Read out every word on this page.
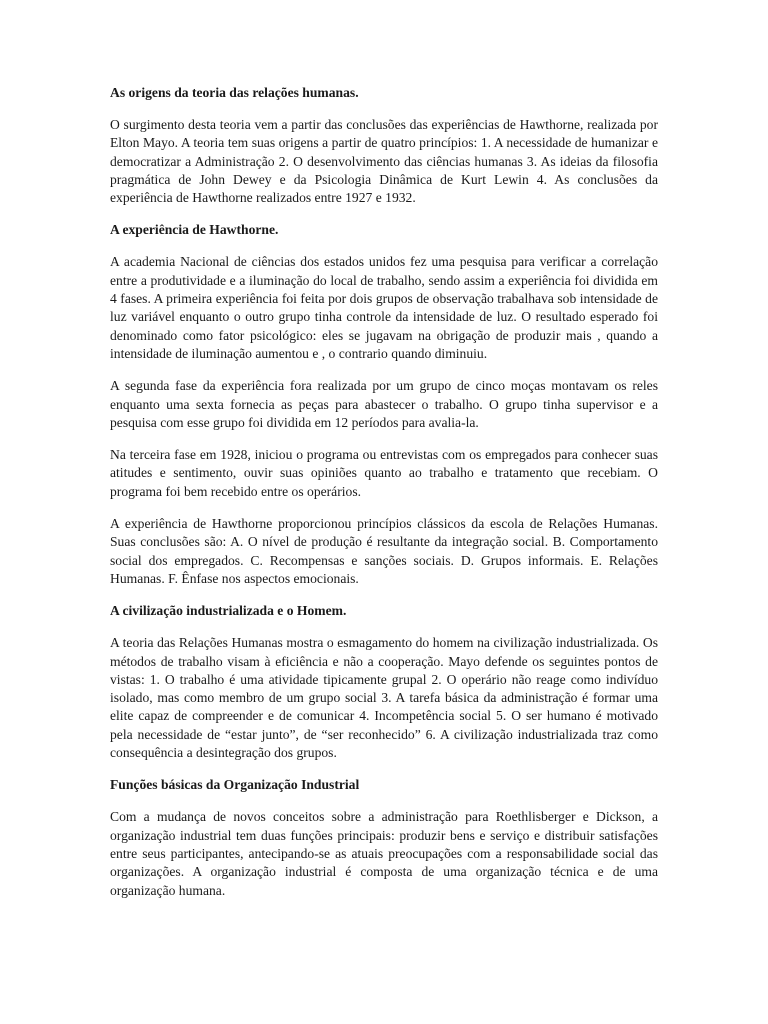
As origens da teoria das relações humanas.

O surgimento desta teoria vem a partir das conclusões das experiências de Hawthorne, realizada por Elton Mayo. A teoria tem suas origens a partir de quatro princípios: 1. A necessidade de humanizar e democratizar a Administração 2. O desenvolvimento das ciências humanas 3. As ideias da filosofia pragmática de John Dewey e da Psicologia Dinâmica de Kurt Lewin 4. As conclusões da experiência de Hawthorne realizados entre 1927 e 1932.

A experiência de Hawthorne.

A academia Nacional de ciências dos estados unidos fez uma pesquisa para verificar a correlação entre a produtividade e a iluminação do local de trabalho, sendo assim a experiência foi dividida em 4 fases. A primeira experiência foi feita por dois grupos de observação trabalhava sob intensidade de luz variável enquanto o outro grupo tinha controle da intensidade de luz. O resultado esperado foi denominado como fator psicológico: eles se jugavam na obrigação de produzir mais , quando a intensidade de iluminação aumentou e , o contrario quando diminuiu.

A segunda fase da experiência fora realizada por um grupo de cinco moças montavam os reles enquanto uma sexta fornecia as peças para abastecer o trabalho. O grupo tinha supervisor e a pesquisa com esse grupo foi dividida em 12 períodos para avalia-la.

Na terceira fase em 1928, iniciou o programa ou entrevistas com os empregados para conhecer suas atitudes e sentimento, ouvir suas opiniões quanto ao trabalho e tratamento que recebiam. O programa foi bem recebido entre os operários.

A experiência de Hawthorne proporcionou princípios clássicos da escola de Relações Humanas. Suas conclusões são: A. O nível de produção é resultante da integração social. B. Comportamento social dos empregados. C. Recompensas e sanções sociais. D. Grupos informais. E. Relações Humanas. F. Ênfase nos aspectos emocionais.

A civilização industrializada e o Homem.

A teoria das Relações Humanas mostra o esmagamento do homem na civilização industrializada. Os métodos de trabalho visam à eficiência e não a cooperação. Mayo defende os seguintes pontos de vistas: 1. O trabalho é uma atividade tipicamente grupal 2. O operário não reage como indivíduo isolado, mas como membro de um grupo social 3. A tarefa básica da administração é formar uma elite capaz de compreender e de comunicar 4. Incompetência social 5. O ser humano é motivado pela necessidade de “estar junto”, de “ser reconhecido” 6. A civilização industrializada traz como consequência a desintegração dos grupos.

Funções básicas da Organização Industrial

Com a mudança de novos conceitos sobre a administração para Roethlisberger e Dickson, a organização industrial tem duas funções principais: produzir bens e serviço e distribuir satisfações entre seus participantes, antecipando-se as atuais preocupações com a responsabilidade social das organizações. A organização industrial é composta de uma organização técnica e de uma organização humana.
